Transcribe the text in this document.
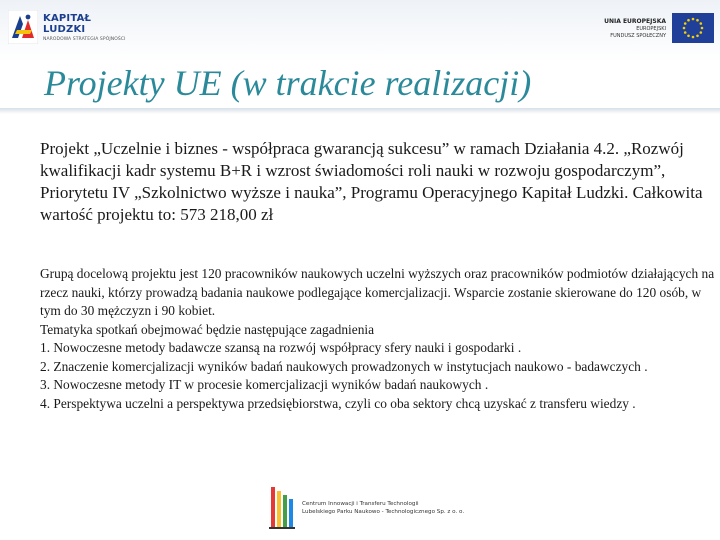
KAPITAŁ LUDZKI
NARODOWA STRATEGIA SPÓJNOŚCI
UNIA EUROPEJSKA
EUROPEJSKI
FUNDUSZ SPOŁECZNY
Projekty UE (w trakcie realizacji)

Projekt „Uczelnie i biznes - współpraca gwarancją sukcesu” w ramach Działania 4.2. „Rozwój kwalifikacji kadr systemu B+R i wzrost świadomości roli nauki w rozwoju gospodarczym”, Priorytetu IV „Szkolnictwo wyższe i nauka”, Programu Operacyjnego Kapitał Ludzki. Całkowita wartość projektu to: 573 218,00 zł

Grupą docelową projektu jest 120 pracowników naukowych uczelni wyższych oraz pracowników podmiotów działających na rzecz nauki, którzy prowadzą badania naukowe podlegające komercjalizacji. Wsparcie zostanie skierowane do 120 osób, w tym do 30 mężczyzn i 90 kobiet.
Tematyka spotkań obejmować będzie następujące zagadnienia
1. Nowoczesne metody badawcze szansą na rozwój współpracy sfery nauki i gospodarki .
2. Znaczenie komercjalizacji wyników badań naukowych prowadzonych w instytucjach naukowo - badawczych .
3. Nowoczesne metody IT w procesie komercjalizacji wyników badań naukowych .
4. Perspektywa uczelni a perspektywa przedsiębiorstwa, czyli co oba sektory chcą uzyskać z transferu wiedzy .

Centrum Innowacji i Transferu Technologii
Lubelskiego Parku Naukowo - Technologicznego Sp. z o. o.
